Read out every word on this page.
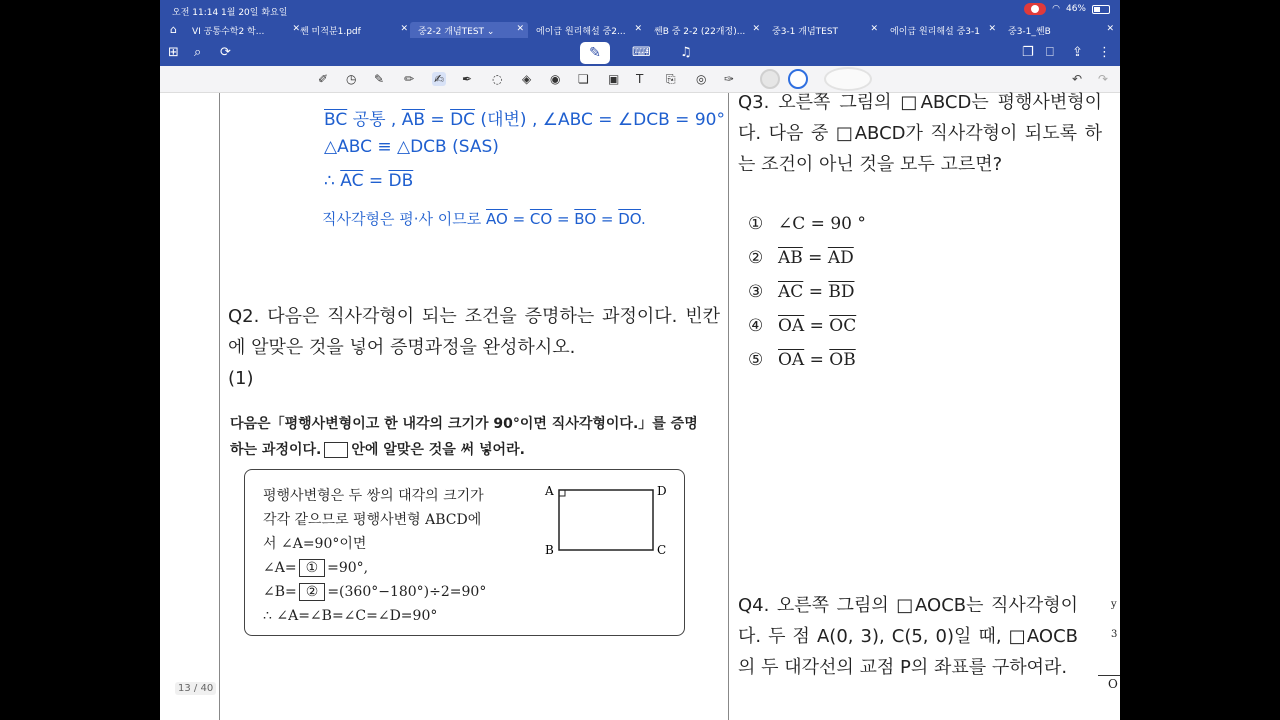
오전 11:14 1월 20일 화요일	◠ 46%
⌂ VI 공통수학2 학...	✕ 쎈 미적분1.pdf	✕ 중2-2 개념TEST ⌄ ✕ 에이급 원리해설 중2... ✕ 쎈B 중 2-2 (22개정)... ✕ 중3-1 개념TEST	✕ 에이급 원리해설 중3-1 ✕ 중3-1_쎈B	✕
⊞ ⌕ ⟳	✎	⌨ ♫	❐ ⎕ ⇪ ⋮
✐ ◷ ✎ ✏ ✍ ✒ ◌ ◈ ◉ ❏ ▣ T ⎘ ◎ ✑	↶ ↷
$\overline{BC}$ 공통 , $\overline{AB} = \overline{DC}$ (대변) , ∠ABC = ∠DCB = 90°
△ABC ≡ △DCB (SAS)
∴ $\overline{AC} = \overline{DB}$
직사각형은 평·사 이므로 $\overline{AO} = \overline{CO} = \overline{BO} = \overline{DO}$.
Q2. 다음은 직사각형이 되는 조건을 증명하는 과정이다. 빈칸에 알맞은 것을 넣어 증명과정을 완성하시오.
(1)
다음은「평행사변형이고 한 내각의 크기가 90°이면 직사각형이다.」를 증명
하는 과정이다. 안에 알맞은 것을 써 넣어라.
평행사변형은 두 쌍의 대각의 크기가
각각 같으므로 평행사변형 ABCD에
서 ∠A=90°이면
∠A= ① =90°,
∠B= ② =(360°−180°)÷2=90°
∴ ∠A=∠B=∠C=∠D=90°
A	D
B	C
Q3. 오른쪽 그림의 □ABCD는 평행사변형이다. 다음 중 □ABCD가 직사각형이 되도록 하는 조건이 아닌 것을 모두 고르면?
① ∠C = 90 °
② $\overline{AB} = \overline{AD}$
③ $\overline{AC} = \overline{BD}$
④ $\overline{OA} = \overline{OC}$
⑤ $\overline{OA} = \overline{OB}$
Q4. 오른쪽 그림의 □AOCB는 직사각형이다. 두 점 A(0, 3), C(5, 0)일 때, □AOCB의 두 대각선의 교점 P의 좌표를 구하여라.
y
3
O
13 / 40
